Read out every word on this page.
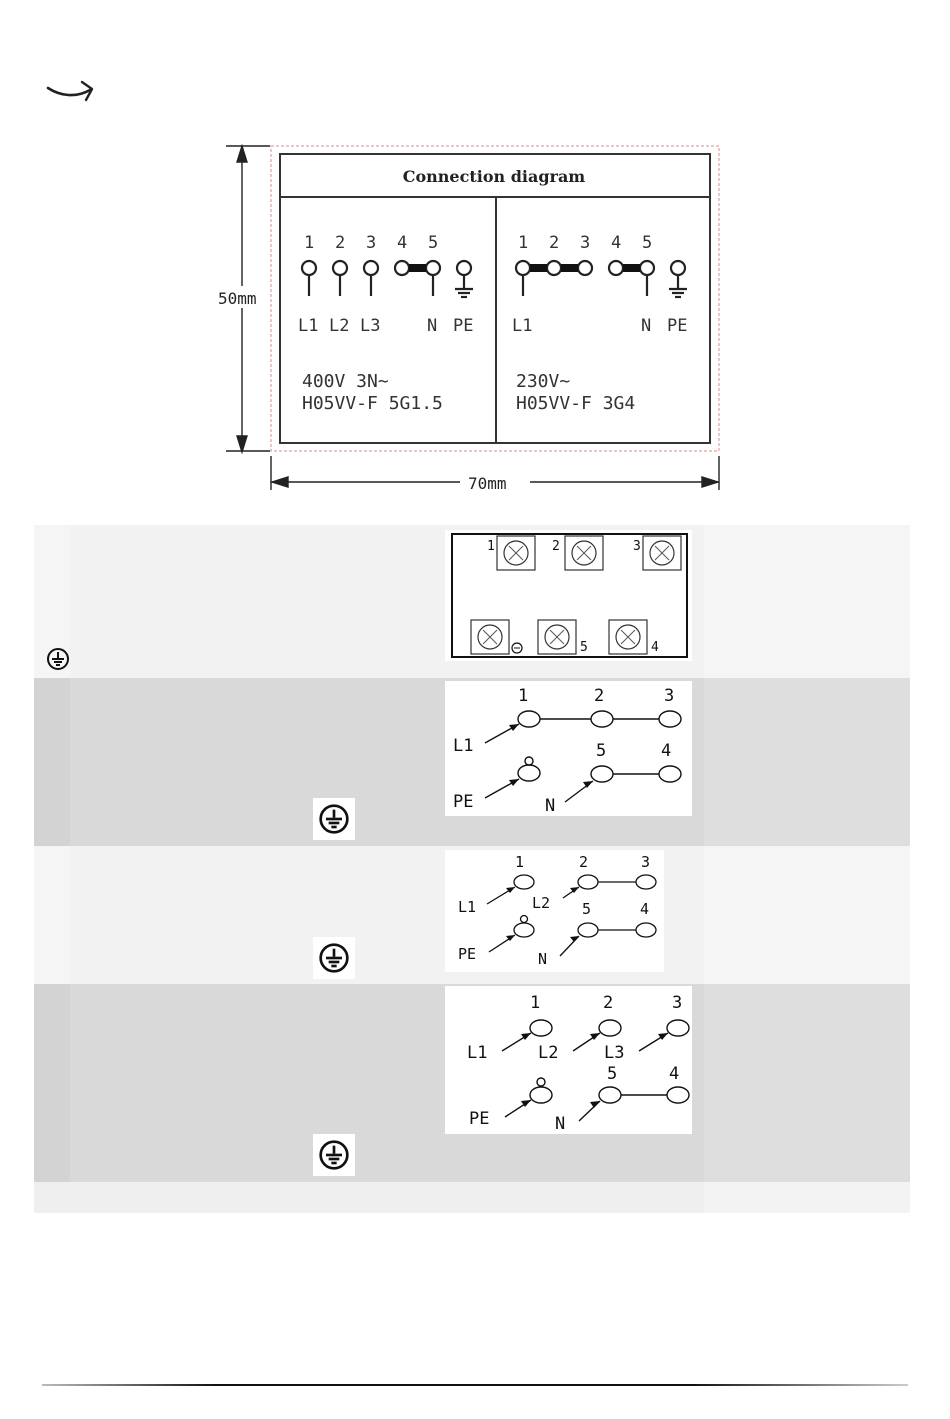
50mm
70mm
Connection diagram
1 2 3 4 5
L1 L2 L3	N PE
400V 3N~
H05VV-F 5G1.5
1 2 3 4 5
L1	N PE
230V~
H05VV-F 3G4
1	2	3
5	4
1	2	3
5	4
L1
PE	N
1	2	3
5	4
L1	L2
PE	N
1	2	3
5	4
L1	L2	L3
PE	N
